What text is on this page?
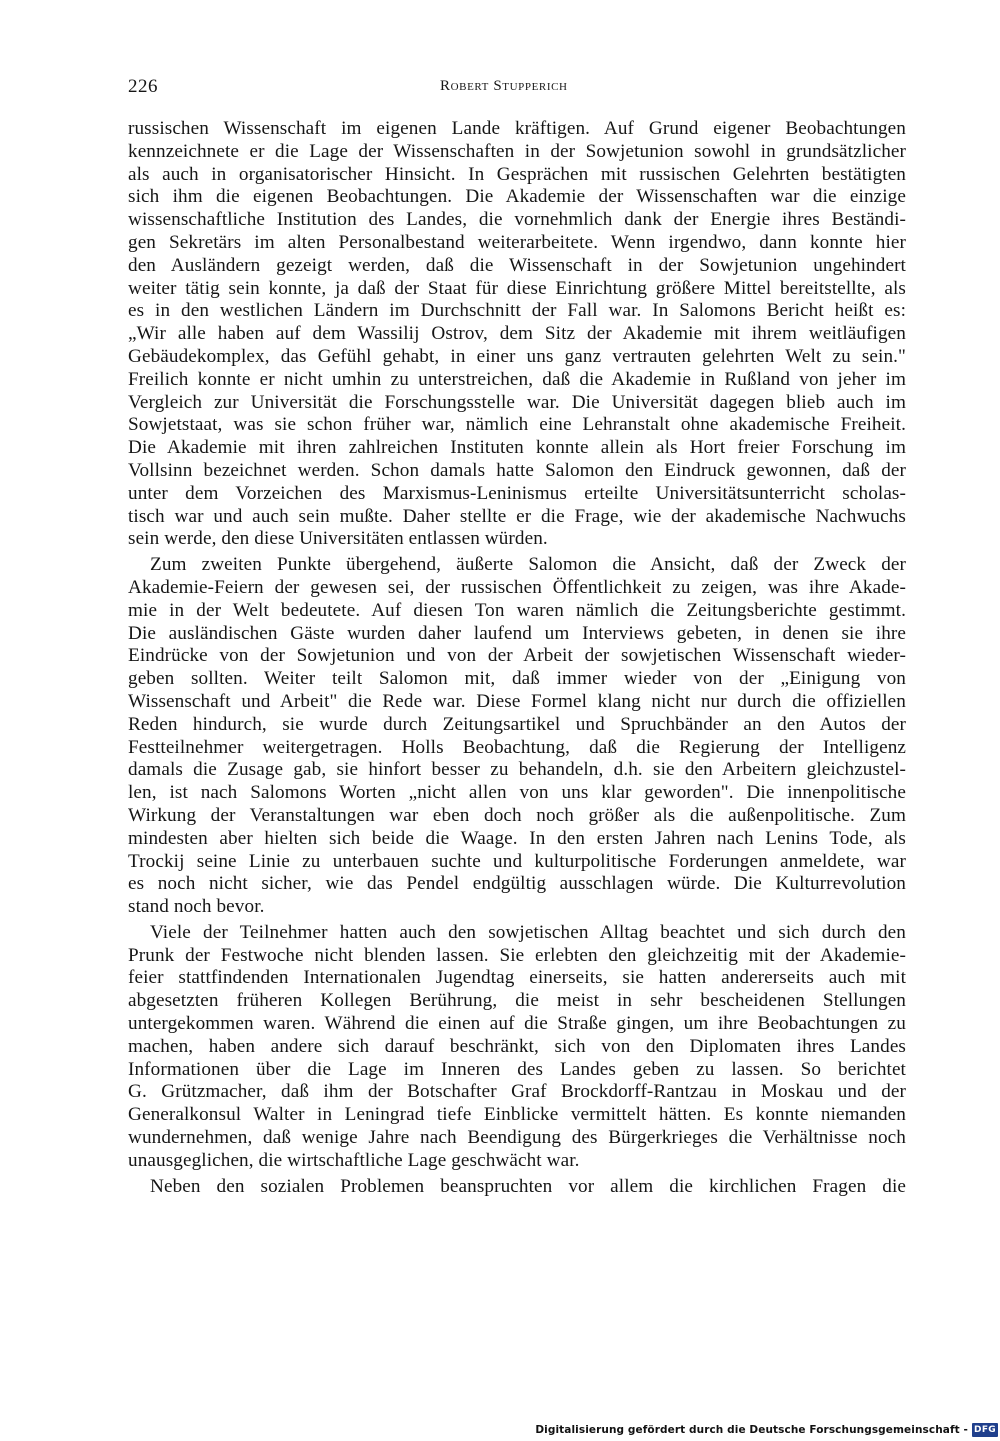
226	Robert Stupperich
russischen Wissenschaft im eigenen Lande kräftigen. Auf Grund eigener Beobachtungen
kennzeichnete er die Lage der Wissenschaften in der Sowjetunion sowohl in grundsätzlicher
als auch in organisatorischer Hinsicht. In Gesprächen mit russischen Gelehrten bestätigten
sich ihm die eigenen Beobachtungen. Die Akademie der Wissenschaften war die einzige
wissenschaftliche Institution des Landes, die vornehmlich dank der Energie ihres Beständi-
gen Sekretärs im alten Personalbestand weiterarbeitete. Wenn irgendwo, dann konnte hier
den Ausländern gezeigt werden, daß die Wissenschaft in der Sowjetunion ungehindert
weiter tätig sein konnte, ja daß der Staat für diese Einrichtung größere Mittel bereitstellte, als
es in den westlichen Ländern im Durchschnitt der Fall war. In Salomons Bericht heißt es:
„Wir alle haben auf dem Wassilij Ostrov, dem Sitz der Akademie mit ihrem weitläufigen
Gebäudekomplex, das Gefühl gehabt, in einer uns ganz vertrauten gelehrten Welt zu sein."
Freilich konnte er nicht umhin zu unterstreichen, daß die Akademie in Rußland von jeher im
Vergleich zur Universität die Forschungsstelle war. Die Universität dagegen blieb auch im
Sowjetstaat, was sie schon früher war, nämlich eine Lehranstalt ohne akademische Freiheit.
Die Akademie mit ihren zahlreichen Instituten konnte allein als Hort freier Forschung im
Vollsinn bezeichnet werden. Schon damals hatte Salomon den Eindruck gewonnen, daß der
unter dem Vorzeichen des Marxismus-Leninismus erteilte Universitätsunterricht scholas-
tisch war und auch sein mußte. Daher stellte er die Frage, wie der akademische Nachwuchs
sein werde, den diese Universitäten entlassen würden.
Zum zweiten Punkte übergehend, äußerte Salomon die Ansicht, daß der Zweck der
Akademie-Feiern der gewesen sei, der russischen Öffentlichkeit zu zeigen, was ihre Akade-
mie in der Welt bedeutete. Auf diesen Ton waren nämlich die Zeitungsberichte gestimmt.
Die ausländischen Gäste wurden daher laufend um Interviews gebeten, in denen sie ihre
Eindrücke von der Sowjetunion und von der Arbeit der sowjetischen Wissenschaft wieder-
geben sollten. Weiter teilt Salomon mit, daß immer wieder von der „Einigung von
Wissenschaft und Arbeit" die Rede war. Diese Formel klang nicht nur durch die offiziellen
Reden hindurch, sie wurde durch Zeitungsartikel und Spruchbänder an den Autos der
Festteilnehmer weitergetragen. Holls Beobachtung, daß die Regierung der Intelligenz
damals die Zusage gab, sie hinfort besser zu behandeln, d.h. sie den Arbeitern gleichzustel-
len, ist nach Salomons Worten „nicht allen von uns klar geworden". Die innenpolitische
Wirkung der Veranstaltungen war eben doch noch größer als die außenpolitische. Zum
mindesten aber hielten sich beide die Waage. In den ersten Jahren nach Lenins Tode, als
Trockij seine Linie zu unterbauen suchte und kulturpolitische Forderungen anmeldete, war
es noch nicht sicher, wie das Pendel endgültig ausschlagen würde. Die Kulturrevolution
stand noch bevor.
Viele der Teilnehmer hatten auch den sowjetischen Alltag beachtet und sich durch den
Prunk der Festwoche nicht blenden lassen. Sie erlebten den gleichzeitig mit der Akademie-
feier stattfindenden Internationalen Jugendtag einerseits, sie hatten andererseits auch mit
abgesetzten früheren Kollegen Berührung, die meist in sehr bescheidenen Stellungen
untergekommen waren. Während die einen auf die Straße gingen, um ihre Beobachtungen zu
machen, haben andere sich darauf beschränkt, sich von den Diplomaten ihres Landes
Informationen über die Lage im Inneren des Landes geben zu lassen. So berichtet
G. Grützmacher, daß ihm der Botschafter Graf Brockdorff-Rantzau in Moskau und der
Generalkonsul Walter in Leningrad tiefe Einblicke vermittelt hätten. Es konnte niemanden
wundernehmen, daß wenige Jahre nach Beendigung des Bürgerkrieges die Verhältnisse noch
unausgeglichen, die wirtschaftliche Lage geschwächt war.
Neben den sozialen Problemen beanspruchten vor allem die kirchlichen Fragen die
Digitalisierung gefördert durch die Deutsche Forschungsgemeinschaft - DFG
